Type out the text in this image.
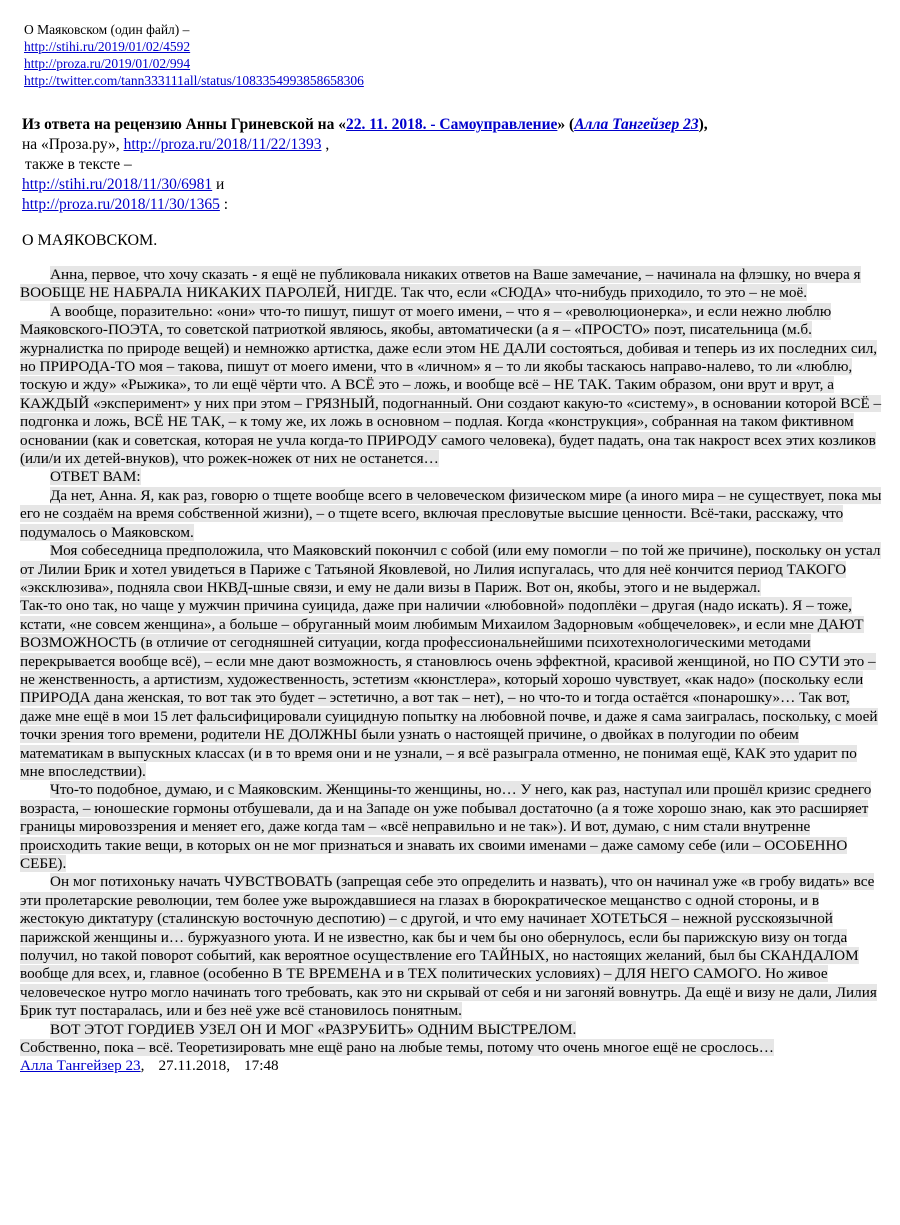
О Маяковском (один файл) –
http://stihi.ru/2019/01/02/4592
http://proza.ru/2019/01/02/994
http://twitter.com/tann333111all/status/1083354993858658306
Из ответа на рецензию Анны Гриневской на «22. 11. 2018. - Самоуправление» (Алла Тангейзер 23),
на «Проза.ру», http://proza.ru/2018/11/22/1393 ,
также в тексте –
http://stihi.ru/2018/11/30/6981 и
http://proza.ru/2018/11/30/1365 :
О МАЯКОВСКОМ.

Анна, первое, что хочу сказать - я ещё не публиковала никаких ответов на Ваше замечание, – начинала на флэшку, но вчера я ВООБЩЕ НЕ НАБРАЛА НИКАКИХ ПАРОЛЕЙ, НИГДЕ. Так что, если «СЮДА» что-нибудь приходило, то это – не моё.

А вообще, поразительно: «они» что-то пишут, пишут от моего имени, – что я – «революционерка», и если нежно люблю Маяковского-ПОЭТА, то советской патриоткой являюсь, якобы, автоматически (а я – «ПРОСТО» поэт, писательница (м.б. журналистка по природе вещей) и немножко артистка, даже если этом НЕ ДАЛИ состояться, добивая и теперь из их последних сил, но ПРИРОДА-ТО моя – такова, пишут от моего имени, что в «личном» я – то ли якобы таскаюсь направо-налево, то ли «люблю, тоскую и жду» «Рыжика», то ли ещё чёрти что. А ВСЁ это – ложь, и вообще всё – НЕ ТАК. Таким образом, они врут и врут, а КАЖДЫЙ «эксперимент» у них при этом – ГРЯЗНЫЙ, подогнанный. Они создают какую-то «систему», в основании которой ВСЁ – подгонка и ложь, ВСЁ НЕ ТАК, – к тому же, их ложь в основном – подлая. Когда «конструкция», собранная на таком фиктивном основании (как и советская, которая не учла когда-то ПРИРОДУ самого человека), будет падать, она так накрост всех этих козликов (или/и их детей-внуков), что рожек-ножек от них не останется…

ОТВЕТ ВАМ:

Да нет, Анна. Я, как раз, говорю о тщете вообще всего в человеческом физическом мире (а иного мира – не существует, пока мы его не создаём на время собственной жизни), – о тщете всего, включая пресловутые высшие ценности. Всё-таки, расскажу, что подумалось о Маяковском.

Моя собеседница предположила, что Маяковский покончил с собой (или ему помогли – по той же причине), поскольку он устал от Лилии Брик и хотел увидеться в Париже с Татьяной Яковлевой, но Лилия испугалась, что для неё кончится период ТАКОГО «эксклюзива», подняла свои НКВД-шные связи, и ему не дали визы в Париж. Вот он, якобы, этого и не выдержал.

Так-то оно так, но чаще у мужчин причина суицида, даже при наличии «любовной» подоплёки – другая (надо искать). Я – тоже, кстати, «не совсем женщина», а больше – обруганный моим любимым Михаилом Задорновым «общечеловек», и если мне ДАЮТ ВОЗМОЖНОСТЬ (в отличие от сегодняшней ситуации, когда профессиональнейшими психотехнологическими методами перекрывается вообще всё), – если мне дают возможность, я становлюсь очень эффектной, красивой женщиной, но ПО СУТИ это – не женственность, а артистизм, художественность, эстетизм «кюнстлера», который хорошо чувствует, «как надо» (поскольку если ПРИРОДА дана женская, то вот так это будет – эстетично, а вот так – нет), – но что-то и тогда остаётся «понарошку»… Так вот, даже мне ещё в мои 15 лет фальсифицировали суицидную попытку на любовной почве, и даже я сама заигралась, поскольку, с моей точки зрения того времени, родители НЕ ДОЛЖНЫ были узнать о настоящей причине, о двойках в полугодии по обеим математикам в выпускных классах (и в то время они и не узнали, – я всё разыграла отменно, не понимая ещё, КАК это ударит по мне впоследствии).

Что-то подобное, думаю, и с Маяковским. Женщины-то женщины, но… У него, как раз, наступал или прошёл кризис среднего возраста, – юношеские гормоны отбушевали, да и на Западе он уже побывал достаточно (а я тоже хорошо знаю, как это расширяет границы мировоззрения и меняет его, даже когда там – «всё неправильно и не так»). И вот, думаю, с ним стали внутренне происходить такие вещи, в которых он не мог признаться и знавать их своими именами – даже самому себе (или – ОСОБЕННО СЕБЕ).

Он мог потихоньку начать ЧУВСТВОВАТЬ (запрещая себе это определить и назвать), что он начинал уже «в гробу видать» все эти пролетарские революции, тем более уже вырождавшиеся на глазах в бюрократическое мещанство с одной стороны, и в жестокую диктатуру (сталинскую восточную деспотию) – с другой, и что ему начинает ХОТЕТЬСЯ – нежной русскоязычной парижской женщины и… буржуазного уюта. И не известно, как бы и чем бы оно обернулось, если бы парижскую визу он тогда получил, но такой поворот событий, как вероятное осуществление его ТАЙНЫХ, но настоящих желаний, был бы СКАНДАЛОМ вообще для всех, и, главное (особенно В ТЕ ВРЕМЕНА и в ТЕХ политических условиях) – ДЛЯ НЕГО САМОГО. Но живое человеческое нутро могло начинать того требовать, как это ни скрывай от себя и ни загоняй вовнутрь. Да ещё и визу не дали, Лилия Брик тут постаралась, или и без неё уже всё становилось понятным.

ВОТ ЭТОТ ГОРДИЕВ УЗЕЛ ОН И МОГ «РАЗРУБИТЬ» ОДНИМ ВЫСТРЕЛОМ.

Собственно, пока – всё. Теоретизировать мне ещё рано на любые темы, потому что очень многое ещё не срослось…

Алла Тангейзер 23, 27.11.2018, 17:48
